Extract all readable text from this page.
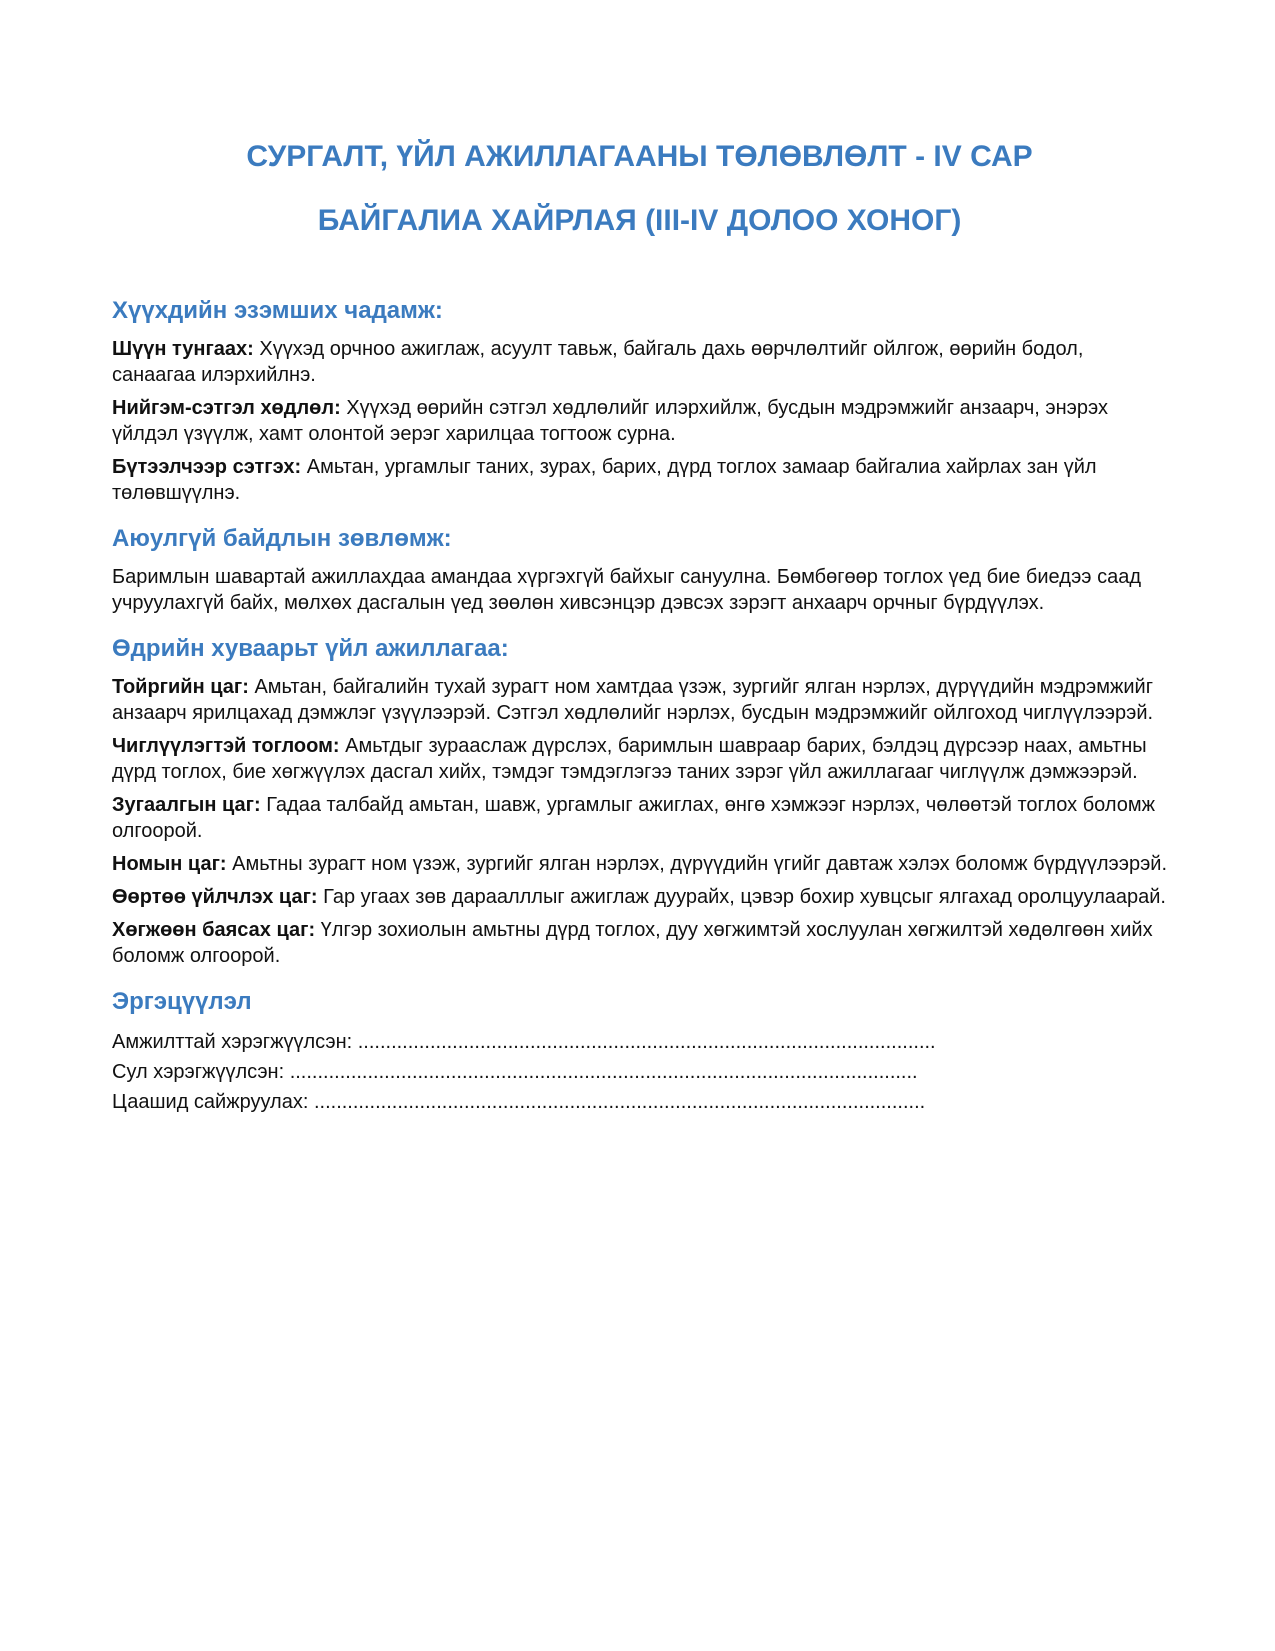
СУРГАЛТ, ҮЙЛ АЖИЛЛАГААНЫ ТӨЛӨВЛӨЛТ - IV САР
БАЙГАЛИА ХАЙРЛАЯ (III-IV ДОЛОО ХОНОГ)
Хүүхдийн эзэмших чадамж:

Шүүн тунгаах: Хүүхэд орчноо ажиглаж, асуулт тавьж, байгаль дахь өөрчлөлтийг ойлгож, өөрийн бодол, санаагаа илэрхийлнэ.

Нийгэм-сэтгэл хөдлөл: Хүүхэд өөрийн сэтгэл хөдлөлийг илэрхийлж, бусдын мэдрэмжийг анзаарч, энэрэх үйлдэл үзүүлж, хамт олонтой эерэг харилцаа тогтоож сурна.

Бүтээлчээр сэтгэх: Амьтан, ургамлыг таних, зурах, барих, дүрд тоглох замаар байгалиа хайрлах зан үйл төлөвшүүлнэ.

Аюулгүй байдлын зөвлөмж:

Баримлын шавартай ажиллахдаа амандаа хүргэхгүй байхыг сануулна. Бөмбөгөөр тоглох үед бие биедээ саад учруулахгүй байх, мөлхөх дасгалын үед зөөлөн хивсэнцэр дэвсэх зэрэгт анхаарч орчныг бүрдүүлэх.

Өдрийн хуваарьт үйл ажиллагаа:

Тойргийн цаг: Амьтан, байгалийн тухай зурагт ном хамтдаа үзэж, зургийг ялган нэрлэх, дүрүүдийн мэдрэмжийг анзаарч ярилцахад дэмжлэг үзүүлээрэй. Сэтгэл хөдлөлийг нэрлэх, бусдын мэдрэмжийг ойлгоход чиглүүлээрэй.

Чиглүүлэгтэй тоглоом: Амьтдыг зурааслаж дүрслэх, баримлын шавраар барих, бэлдэц дүрсээр наах, амьтны дүрд тоглох, бие хөгжүүлэх дасгал хийх, тэмдэг тэмдэглэгээ таних зэрэг үйл ажиллагааг чиглүүлж дэмжээрэй.

Зугаалгын цаг: Гадаа талбайд амьтан, шавж, ургамлыг ажиглах, өнгө хэмжээг нэрлэх, чөлөөтэй тоглох боломж олгоорой.

Номын цаг: Амьтны зурагт ном үзэж, зургийг ялган нэрлэх, дүрүүдийн үгийг давтаж хэлэх боломж бүрдүүлээрэй.

Өөртөө үйлчлэх цаг: Гар угаах зөв дараалллыг ажиглаж дуурайх, цэвэр бохир хувцсыг ялгахад оролцуулаарай.

Хөгжөөн баясах цаг: Үлгэр зохиолын амьтны дүрд тоглох, дуу хөгжимтэй хослуулан хөгжилтэй хөдөлгөөн хийх боломж олгоорой.

Эргэцүүлэл

Амжилттай хэрэгжүүлсэн: ........................................................................................................

Сул хэрэгжүүлсэн: .................................................................................................................

Цаашид сайжруулах: ..............................................................................................................
